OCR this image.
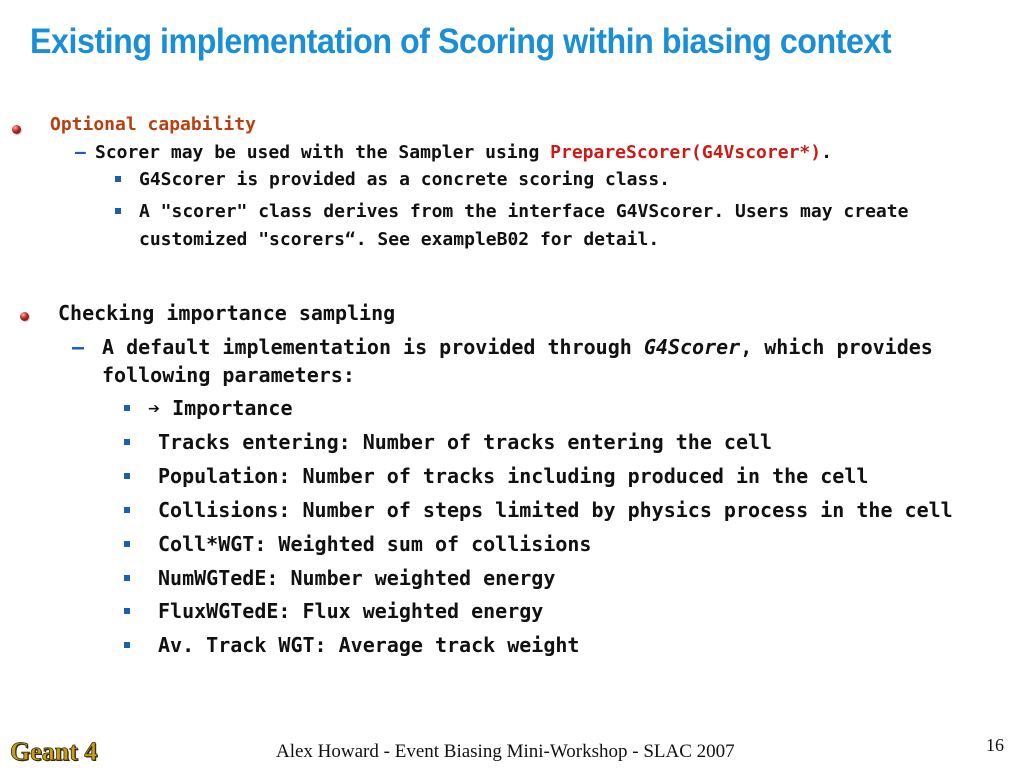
Existing implementation of Scoring within biasing context
Optional capability
– Scorer may be used with the Sampler using PrepareScorer(G4Vscorer*).
G4Scorer is provided as a concrete scoring class.
A "scorer" class derives from the interface G4VScorer. Users may create
customized "scorers“. See exampleB02 for detail.
Checking importance sampling
– A default implementation is provided through G4Scorer, which provides
following parameters:
➔ Importance
Tracks entering: Number of tracks entering the cell
Population: Number of tracks including produced in the cell
Collisions: Number of steps limited by physics process in the cell
Coll*WGT: Weighted sum of collisions
NumWGTedE: Number weighted energy
FluxWGTedE: Flux weighted energy
Av. Track WGT: Average track weight
Geant 4	Alex Howard - Event Biasing Mini-Workshop - SLAC 2007	16
